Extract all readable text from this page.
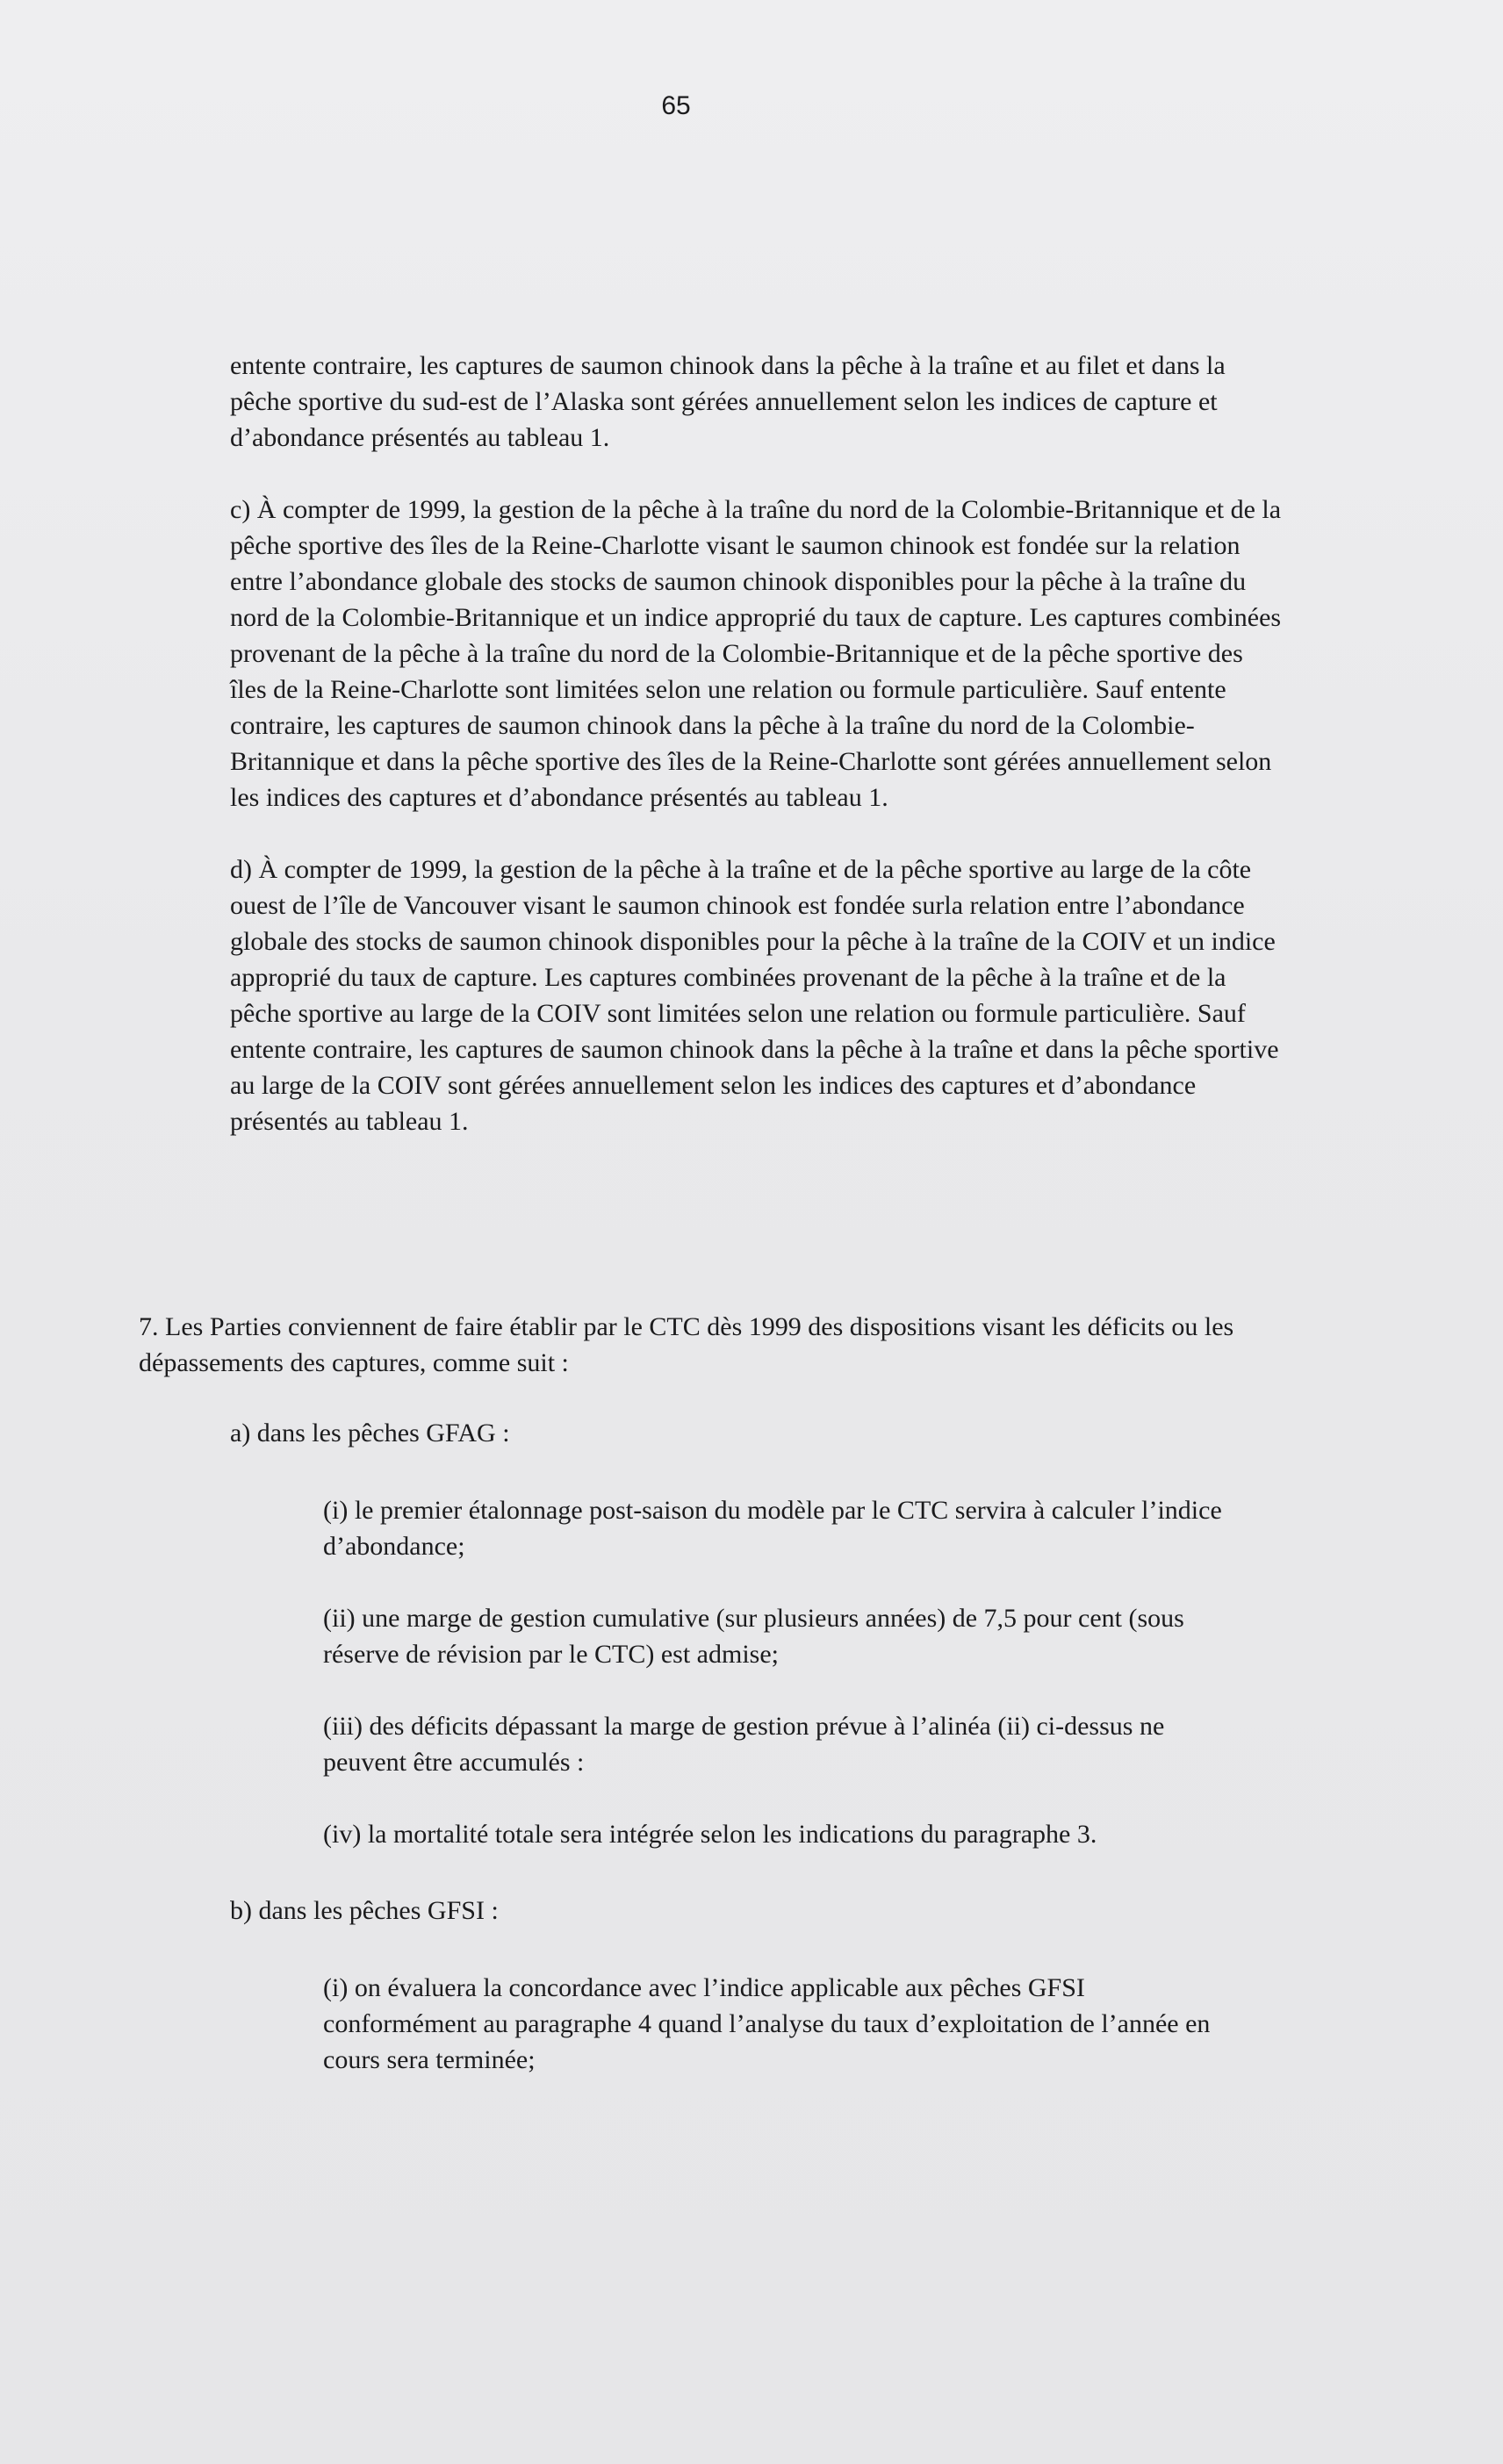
65

entente contraire, les captures de saumon chinook dans la pêche à la traîne et au filet et dans la pêche sportive du sud-est de l’Alaska sont gérées annuellement selon les indices de capture et d’abondance présentés au tableau 1.

c) À compter de 1999, la gestion de la pêche à la traîne du nord de la Colombie-Britannique et de la pêche sportive des îles de la Reine-Charlotte visant le saumon chinook est fondée sur la relation entre l’abondance globale des stocks de saumon chinook disponibles pour la pêche à la traîne du nord de la Colombie-Britannique et un indice approprié du taux de capture. Les captures combinées provenant de la pêche à la traîne du nord de la Colombie-Britannique et de la pêche sportive des îles de la Reine-Charlotte sont limitées selon une relation ou formule particulière. Sauf entente contraire, les captures de saumon chinook dans la pêche à la traîne du nord de la Colombie-Britannique et dans la pêche sportive des îles de la Reine-Charlotte sont gérées annuellement selon les indices des captures et d’abondance présentés au tableau 1.

d) À compter de 1999, la gestion de la pêche à la traîne et de la pêche sportive au large de la côte ouest de l’île de Vancouver visant le saumon chinook est fondée surla relation entre l’abondance globale des stocks de saumon chinook disponibles pour la pêche à la traîne de la COIV et un indice approprié du taux de capture. Les captures combinées provenant de la pêche à la traîne et de la pêche sportive au large de la COIV sont limitées selon une relation ou formule particulière. Sauf entente contraire, les captures de saumon chinook dans la pêche à la traîne et dans la pêche sportive au large de la COIV sont gérées annuellement selon les indices des captures et d’abondance présentés au tableau 1.

7. Les Parties conviennent de faire établir par le CTC dès 1999 des dispositions visant les déficits ou les dépassements des captures, comme suit :

a) dans les pêches GFAG :

(i) le premier étalonnage post-saison du modèle par le CTC servira à calculer l’indice d’abondance;

(ii) une marge de gestion cumulative (sur plusieurs années) de 7,5 pour cent (sous réserve de révision par le CTC) est admise;

(iii) des déficits dépassant la marge de gestion prévue à l’alinéa (ii) ci-dessus ne peuvent être accumulés :

(iv) la mortalité totale sera intégrée selon les indications du paragraphe 3.

b) dans les pêches GFSI :

(i) on évaluera la concordance avec l’indice applicable aux pêches GFSI conformément au paragraphe 4 quand l’analyse du taux d’exploitation de l’année en cours sera terminée;
